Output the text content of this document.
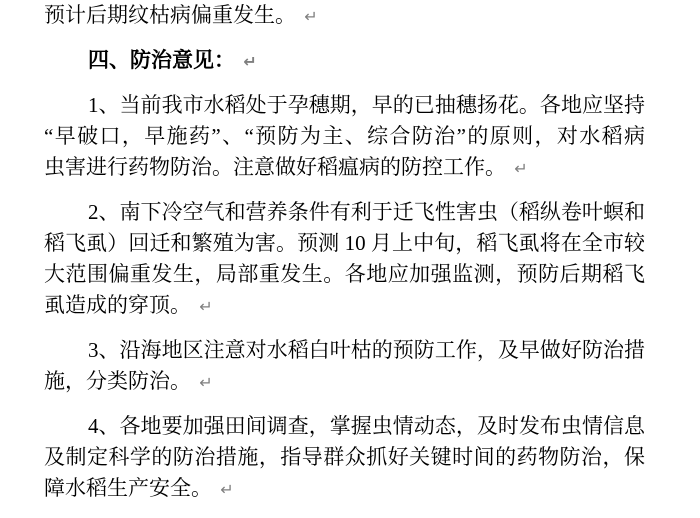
预计后期纹枯病偏重发生。 ↵
四、防治意见： ↵
1、当前我市水稻处于孕穗期，早的已抽穗扬花。各地应坚持
“早破口，早施药”、“预防为主、综合防治”的原则，对水稻病
虫害进行药物防治。注意做好稻瘟病的防控工作。 ↵
2、南下冷空气和营养条件有利于迁飞性害虫（稻纵卷叶螟和
稻飞虱）回迁和繁殖为害。预测 10 月上中旬，稻飞虱将在全市较
大范围偏重发生，局部重发生。各地应加强监测，预防后期稻飞
虱造成的穿顶。 ↵
3、沿海地区注意对水稻白叶枯的预防工作，及早做好防治措
施，分类防治。 ↵
4、各地要加强田间调查，掌握虫情动态，及时发布虫情信息
及制定科学的防治措施，指导群众抓好关键时间的药物防治，保
障水稻生产安全。 ↵
